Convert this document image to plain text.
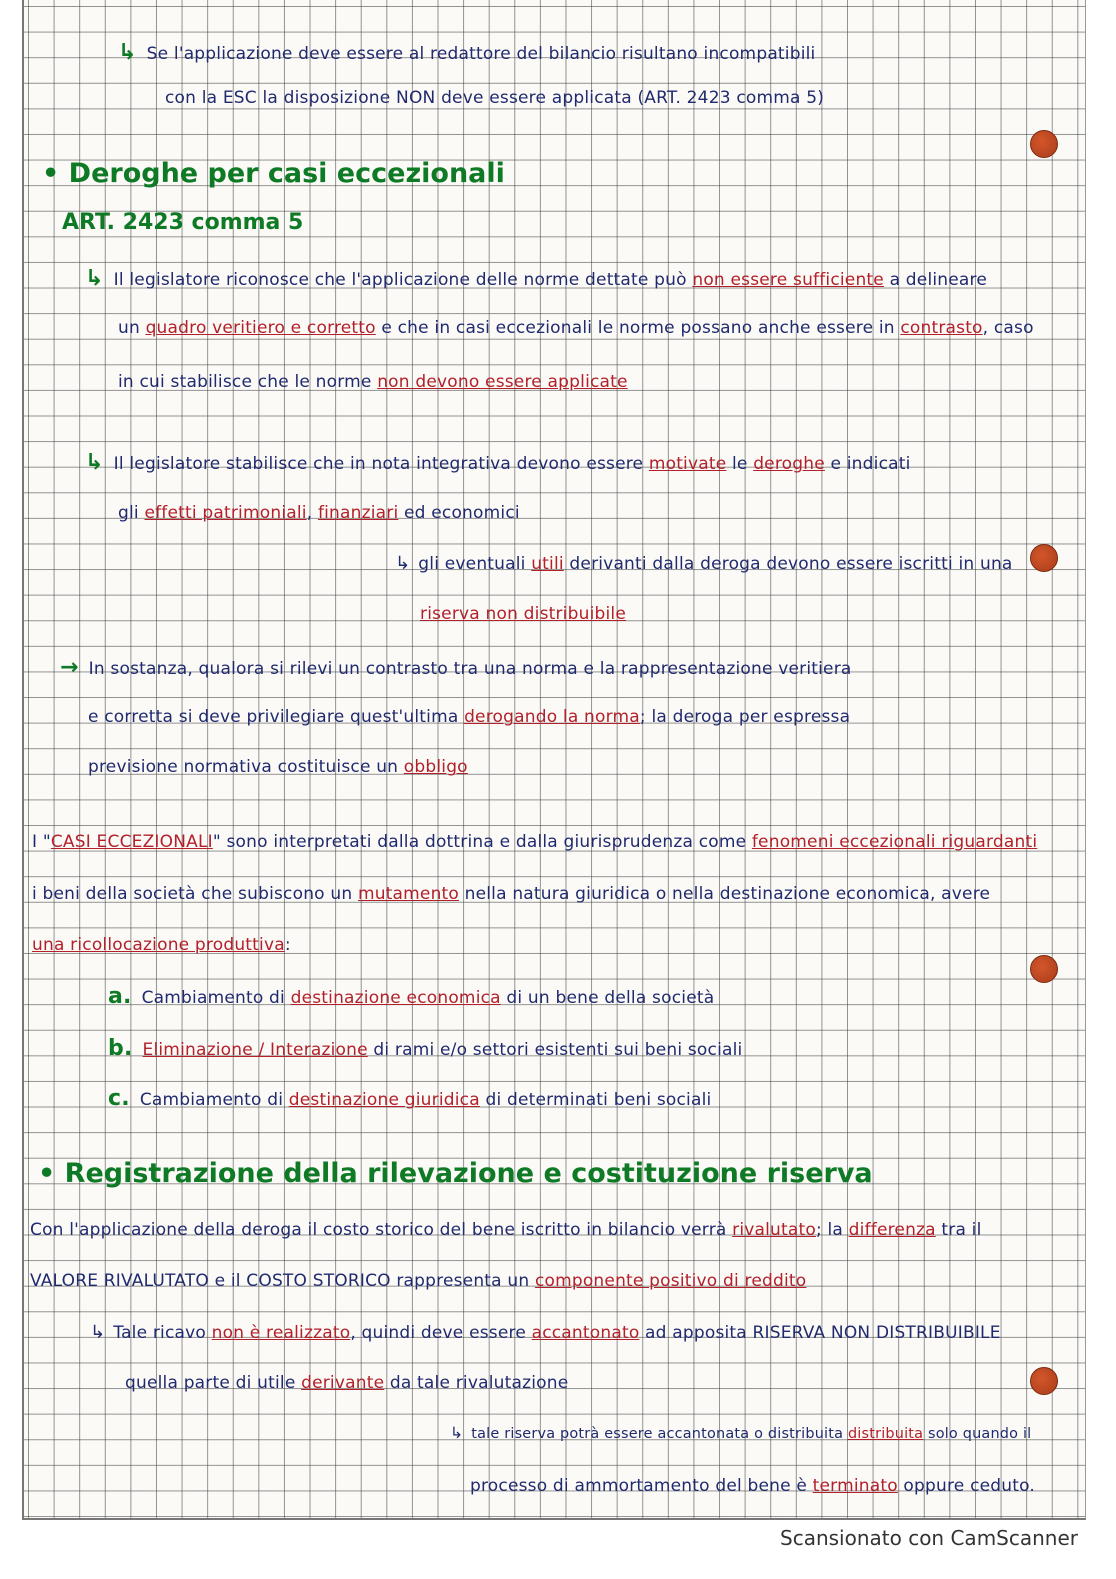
↳ Se l'applicazione deve essere al redattore del bilancio risultano incompatibili
con la ESC la disposizione NON deve essere applicata (ART. 2423 comma 5)
• Deroghe per casi eccezionali
ART. 2423 comma 5
↳ Il legislatore riconosce che l'applicazione delle norme dettate può non essere sufficiente a delineare
un quadro veritiero e corretto e che in casi eccezionali le norme possano anche essere in contrasto, caso
in cui stabilisce che le norme non devono essere applicate
↳ Il legislatore stabilisce che in nota integrativa devono essere motivate le deroghe e indicati
gli effetti patrimoniali, finanziari ed economici
↳ gli eventuali utili derivanti dalla deroga devono essere iscritti in una
riserva non distribuibile
→ In sostanza, qualora si rilevi un contrasto tra una norma e la rappresentazione veritiera
e corretta si deve privilegiare quest'ultima derogando la norma; la deroga per espressa
previsione normativa costituisce un obbligo
I "CASI ECCEZIONALI" sono interpretati dalla dottrina e dalla giurisprudenza come fenomeni eccezionali riguardanti
i beni della società che subiscono un mutamento nella natura giuridica o nella destinazione economica, avere
una ricollocazione produttiva:
a. Cambiamento di destinazione economica di un bene della società
b. Eliminazione / Interazione di rami e/o settori esistenti sui beni sociali
c. Cambiamento di destinazione giuridica di determinati beni sociali
• Registrazione della rilevazione e costituzione riserva
Con l'applicazione della deroga il costo storico del bene iscritto in bilancio verrà rivalutato; la differenza tra il
VALORE RIVALUTATO e il COSTO STORICO rappresenta un componente positivo di reddito
↳ Tale ricavo non è realizzato, quindi deve essere accantonato ad apposita RISERVA NON DISTRIBUIBILE
quella parte di utile derivante da tale rivalutazione
↳ tale riserva potrà essere accantonata o distribuita distribuita solo quando il
processo di ammortamento del bene è terminato oppure ceduto.
Scansionato con CamScanner
